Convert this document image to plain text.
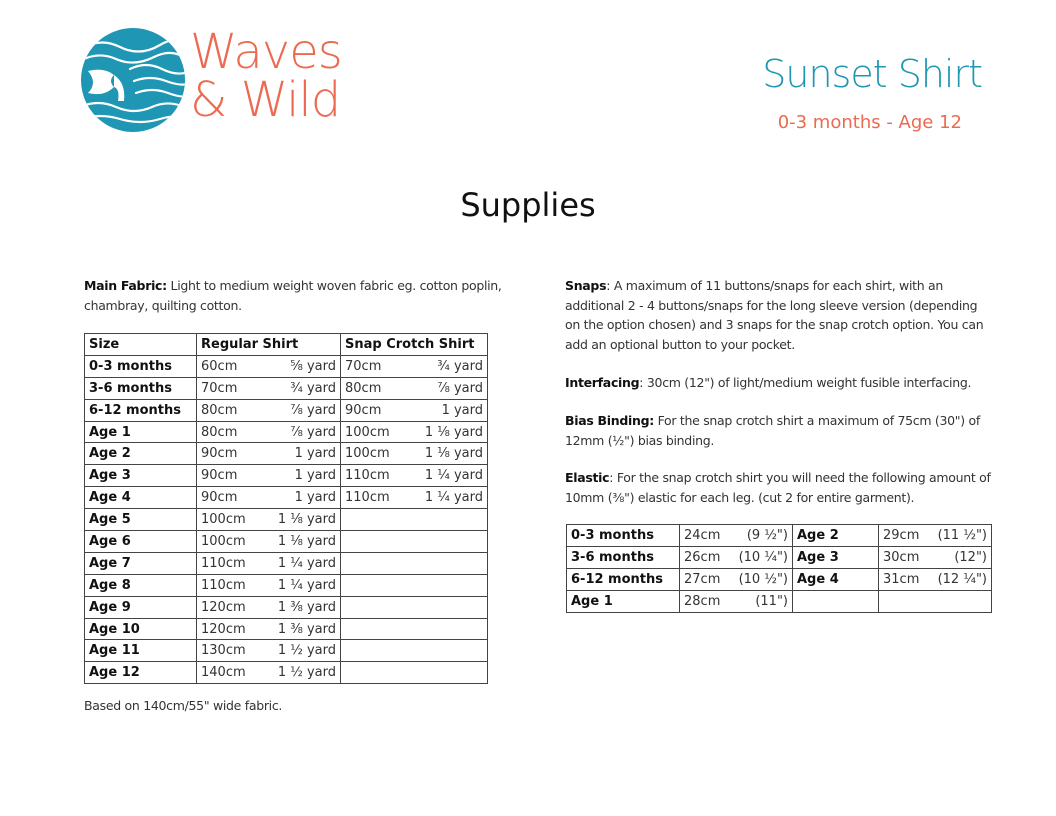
Waves
& Wild	Sunset Shirt
0-3 months - Age 12
Supplies
Main Fabric: Light to medium weight woven fabric eg. cotton poplin, chambray, quilting cotton.
Size	Regular Shirt	Snap Crotch Shirt
0-3 months	60cm ⅝ yard	70cm ¾ yard

3-6 months	70cm ¾ yard	80cm ⅞ yard

6-12 months	80cm ⅞ yard	90cm 1 yard

Age 1	80cm ⅞ yard	100cm 1 ⅛ yard

Age 2	90cm 1 yard	100cm 1 ⅛ yard

Age 3	90cm 1 yard	110cm 1 ¼ yard

Age 4	90cm 1 yard	110cm 1 ¼ yard

Age 5	100cm 1 ⅛ yard	

Age 6	100cm 1 ⅛ yard	

Age 7	110cm 1 ¼ yard	

Age 8	110cm 1 ¼ yard	

Age 9	120cm 1 ⅜ yard	

Age 10	120cm 1 ⅜ yard	

Age 11	130cm 1 ½ yard	

Age 12	140cm 1 ½ yard	

Based on 140cm/55" wide fabric.
Snaps: A maximum of 11 buttons/snaps for each shirt, with an additional 2 - 4 buttons/snaps for the long sleeve version (depending on the option chosen) and 3 snaps for the snap crotch option. You can add an optional button to your pocket.
Interfacing: 30cm (12") of light/medium weight fusible interfacing.
Bias Binding: For the snap crotch shirt a maximum of 75cm (30") of 12mm (½") bias binding.
Elastic: For the snap crotch shirt you will need the following amount of 10mm (⅜") elastic for each leg. (cut 2 for entire garment).
0-3 months	24cm (9 ½")	Age 2	29cm (11 ½")

3-6 months	26cm (10 ¼")	Age 3	30cm (12")

6-12 months	27cm (10 ½")	Age 4	31cm (12 ¼")

Age 1	28cm (11")		
